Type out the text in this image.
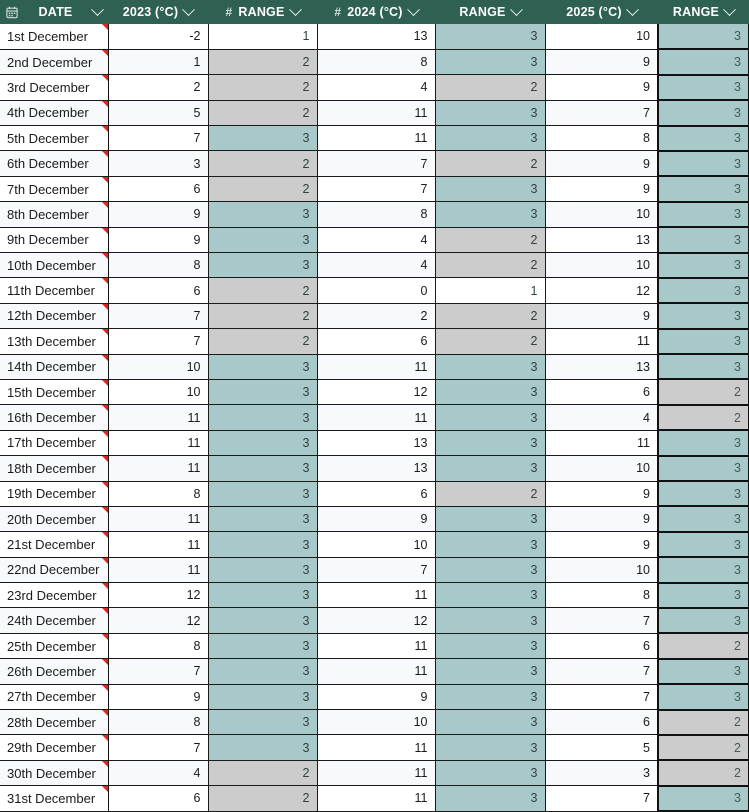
DATE	2023 (°C)	# RANGE	# 2024 (°C)	RANGE	2025 (°C)	RANGE

1st December	-2	1	13	3	10	3
2nd December	1	2	8	3	9	3
3rd December	2	2	4	2	9	3
4th December	5	2	11	3	7	3
5th December	7	3	11	3	8	3
6th December	3	2	7	2	9	3
7th December	6	2	7	3	9	3
8th December	9	3	8	3	10	3
9th December	9	3	4	2	13	3
10th December	8	3	4	2	10	3
11th December	6	2	0	1	12	3
12th December	7	2	2	2	9	3
13th December	7	2	6	2	11	3
14th December	10	3	11	3	13	3
15th December	10	3	12	3	6	2
16th December	11	3	11	3	4	2
17th December	11	3	13	3	11	3
18th December	11	3	13	3	10	3
19th December	8	3	6	2	9	3
20th December	11	3	9	3	9	3
21st December	11	3	10	3	9	3
22nd December	11	3	7	3	10	3
23rd December	12	3	11	3	8	3
24th December	12	3	12	3	7	3
25th December	8	3	11	3	6	2
26th December	7	3	11	3	7	3
27th December	9	3	9	3	7	3
28th December	8	3	10	3	6	2
29th December	7	3	11	3	5	2
30th December	4	2	11	3	3	2
31st December	6	2	11	3	7	3
